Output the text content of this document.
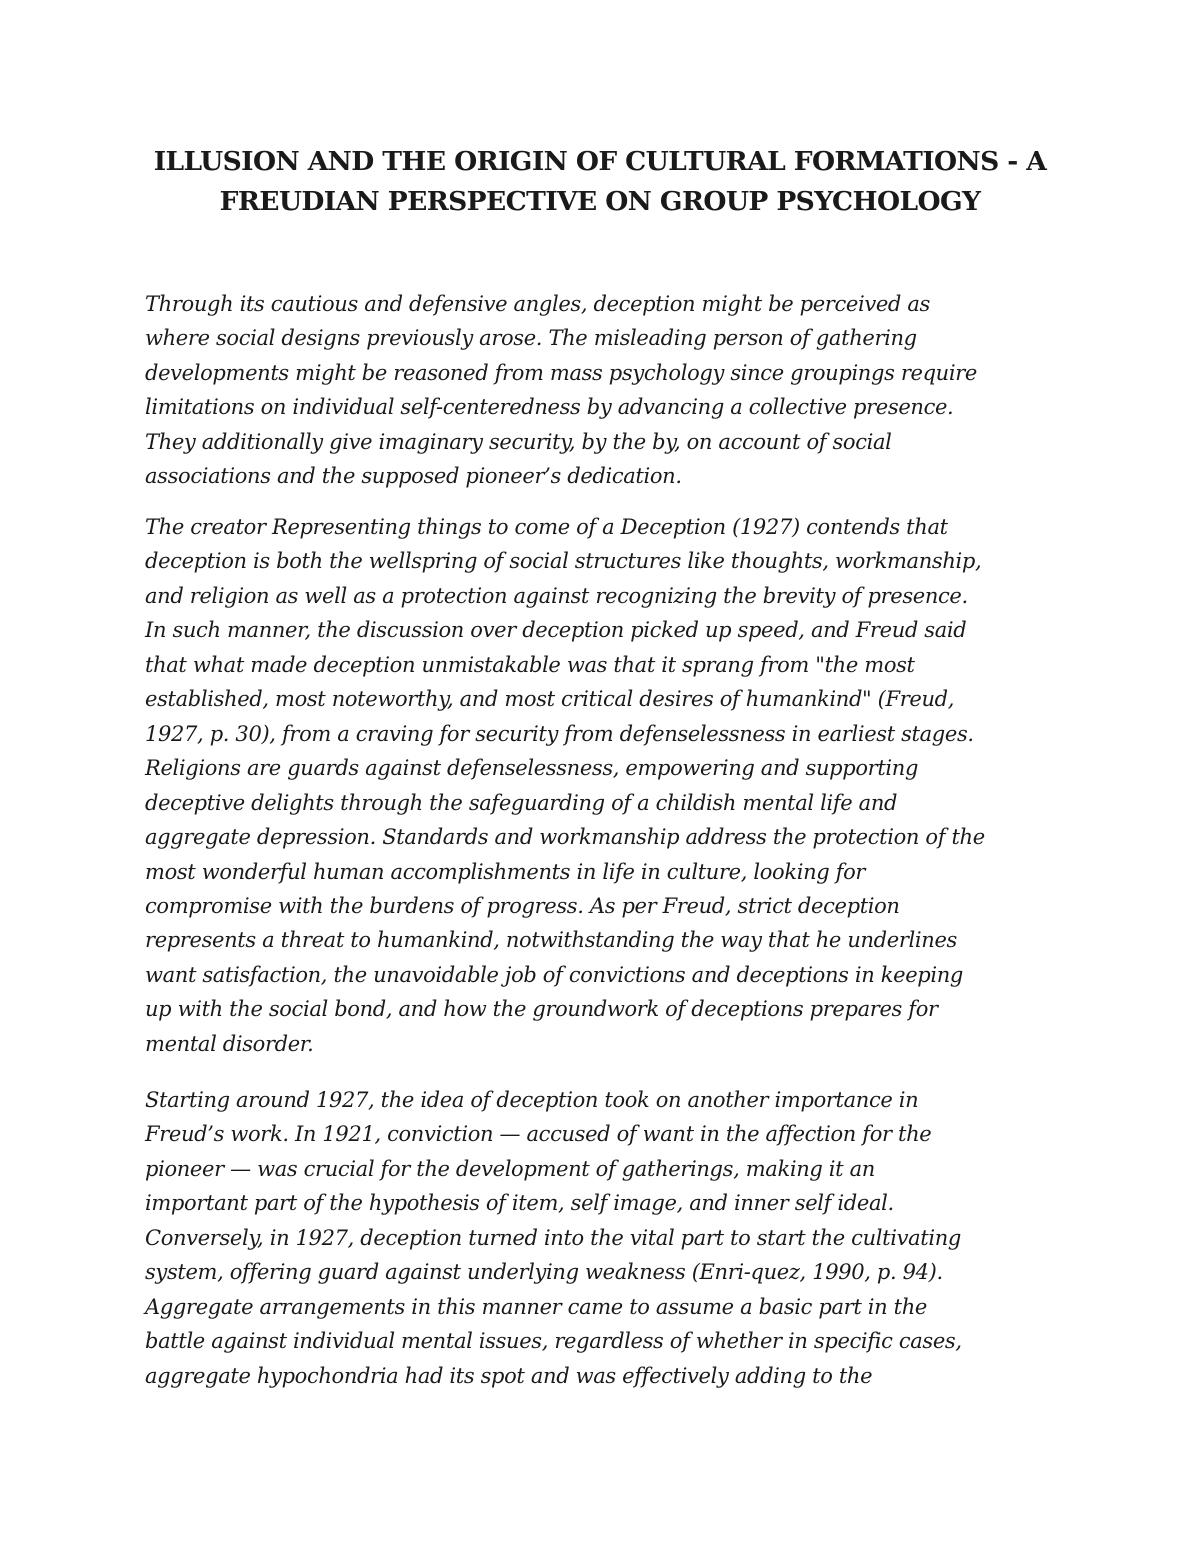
ILLUSION AND THE ORIGIN OF CULTURAL FORMATIONS - A
FREUDIAN PERSPECTIVE ON GROUP PSYCHOLOGY

Through its cautious and defensive angles, deception might be perceived as
where social designs previously arose. The misleading person of gathering
developments might be reasoned from mass psychology since groupings require
limitations on individual self-centeredness by advancing a collective presence.
They additionally give imaginary security, by the by, on account of social
associations and the supposed pioneer’s dedication.

The creator Representing things to come of a Deception (1927) contends that
deception is both the wellspring of social structures like thoughts, workmanship,
and religion as well as a protection against recognizing the brevity of presence.
In such manner, the discussion over deception picked up speed, and Freud said
that what made deception unmistakable was that it sprang from "the most
established, most noteworthy, and most critical desires of humankind" (Freud,
1927, p. 30), from a craving for security from defenselessness in earliest stages.
Religions are guards against defenselessness, empowering and supporting
deceptive delights through the safeguarding of a childish mental life and
aggregate depression. Standards and workmanship address the protection of the
most wonderful human accomplishments in life in culture, looking for
compromise with the burdens of progress. As per Freud, strict deception
represents a threat to humankind, notwithstanding the way that he underlines
want satisfaction, the unavoidable job of convictions and deceptions in keeping
up with the social bond, and how the groundwork of deceptions prepares for
mental disorder.

Starting around 1927, the idea of deception took on another importance in
Freud’s work. In 1921, conviction — accused of want in the affection for the
pioneer — was crucial for the development of gatherings, making it an
important part of the hypothesis of item, self image, and inner self ideal.
Conversely, in 1927, deception turned into the vital part to start the cultivating
system, offering guard against underlying weakness (Enri-quez, 1990, p. 94).
Aggregate arrangements in this manner came to assume a basic part in the
battle against individual mental issues, regardless of whether in specific cases,
aggregate hypochondria had its spot and was effectively adding to the
